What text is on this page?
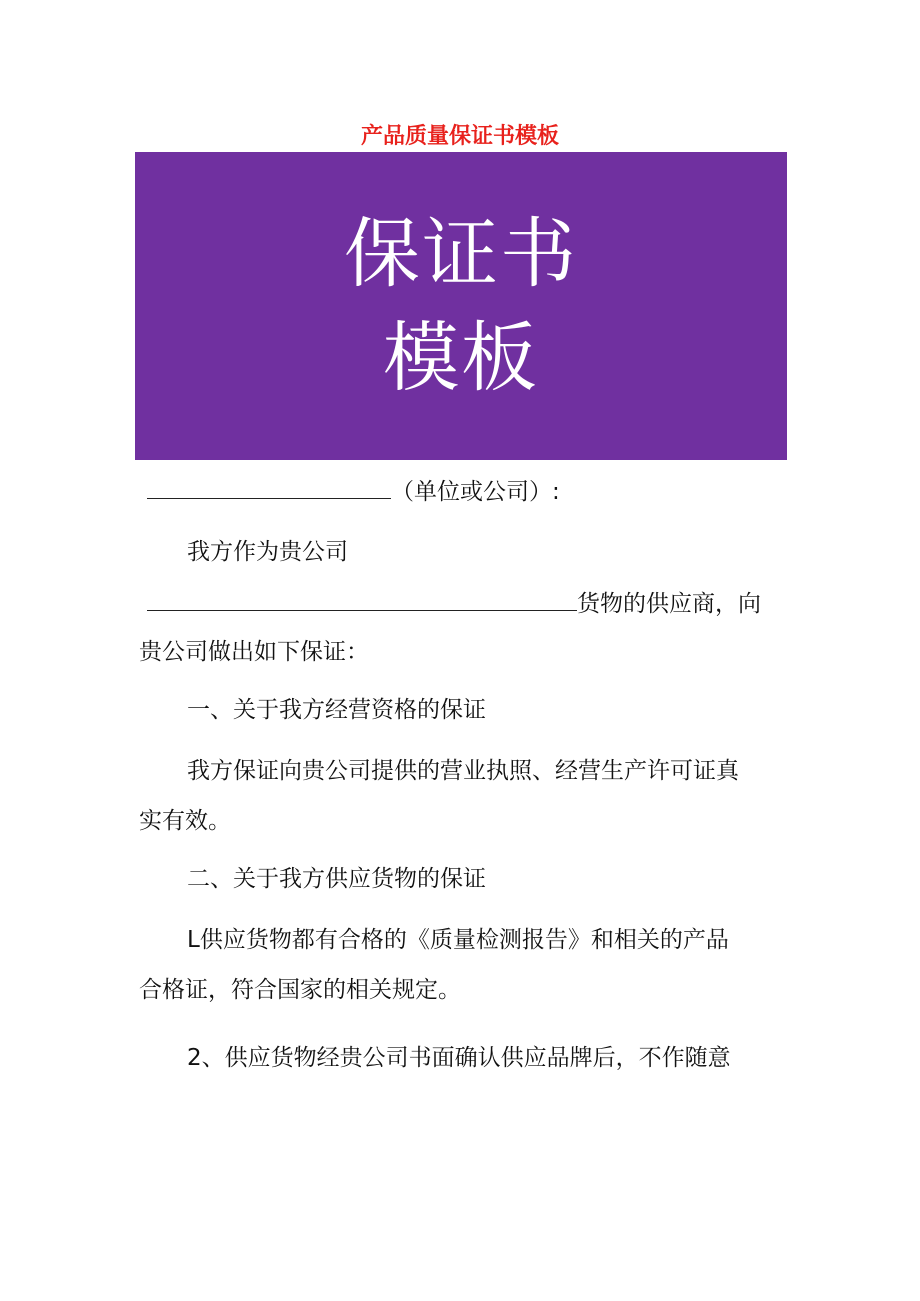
产品质量保证书模板
保证书
模板
（单位或公司）:
我方作为贵公司
货物的供应商，向
贵公司做出如下保证：
一、关于我方经营资格的保证
我方保证向贵公司提供的营业执照、经营生产许可证真
实有效。
二、关于我方供应货物的保证
L供应货物都有合格的《质量检测报告》和相关的产品
合格证，符合国家的相关规定。
2、供应货物经贵公司书面确认供应品牌后，不作随意
